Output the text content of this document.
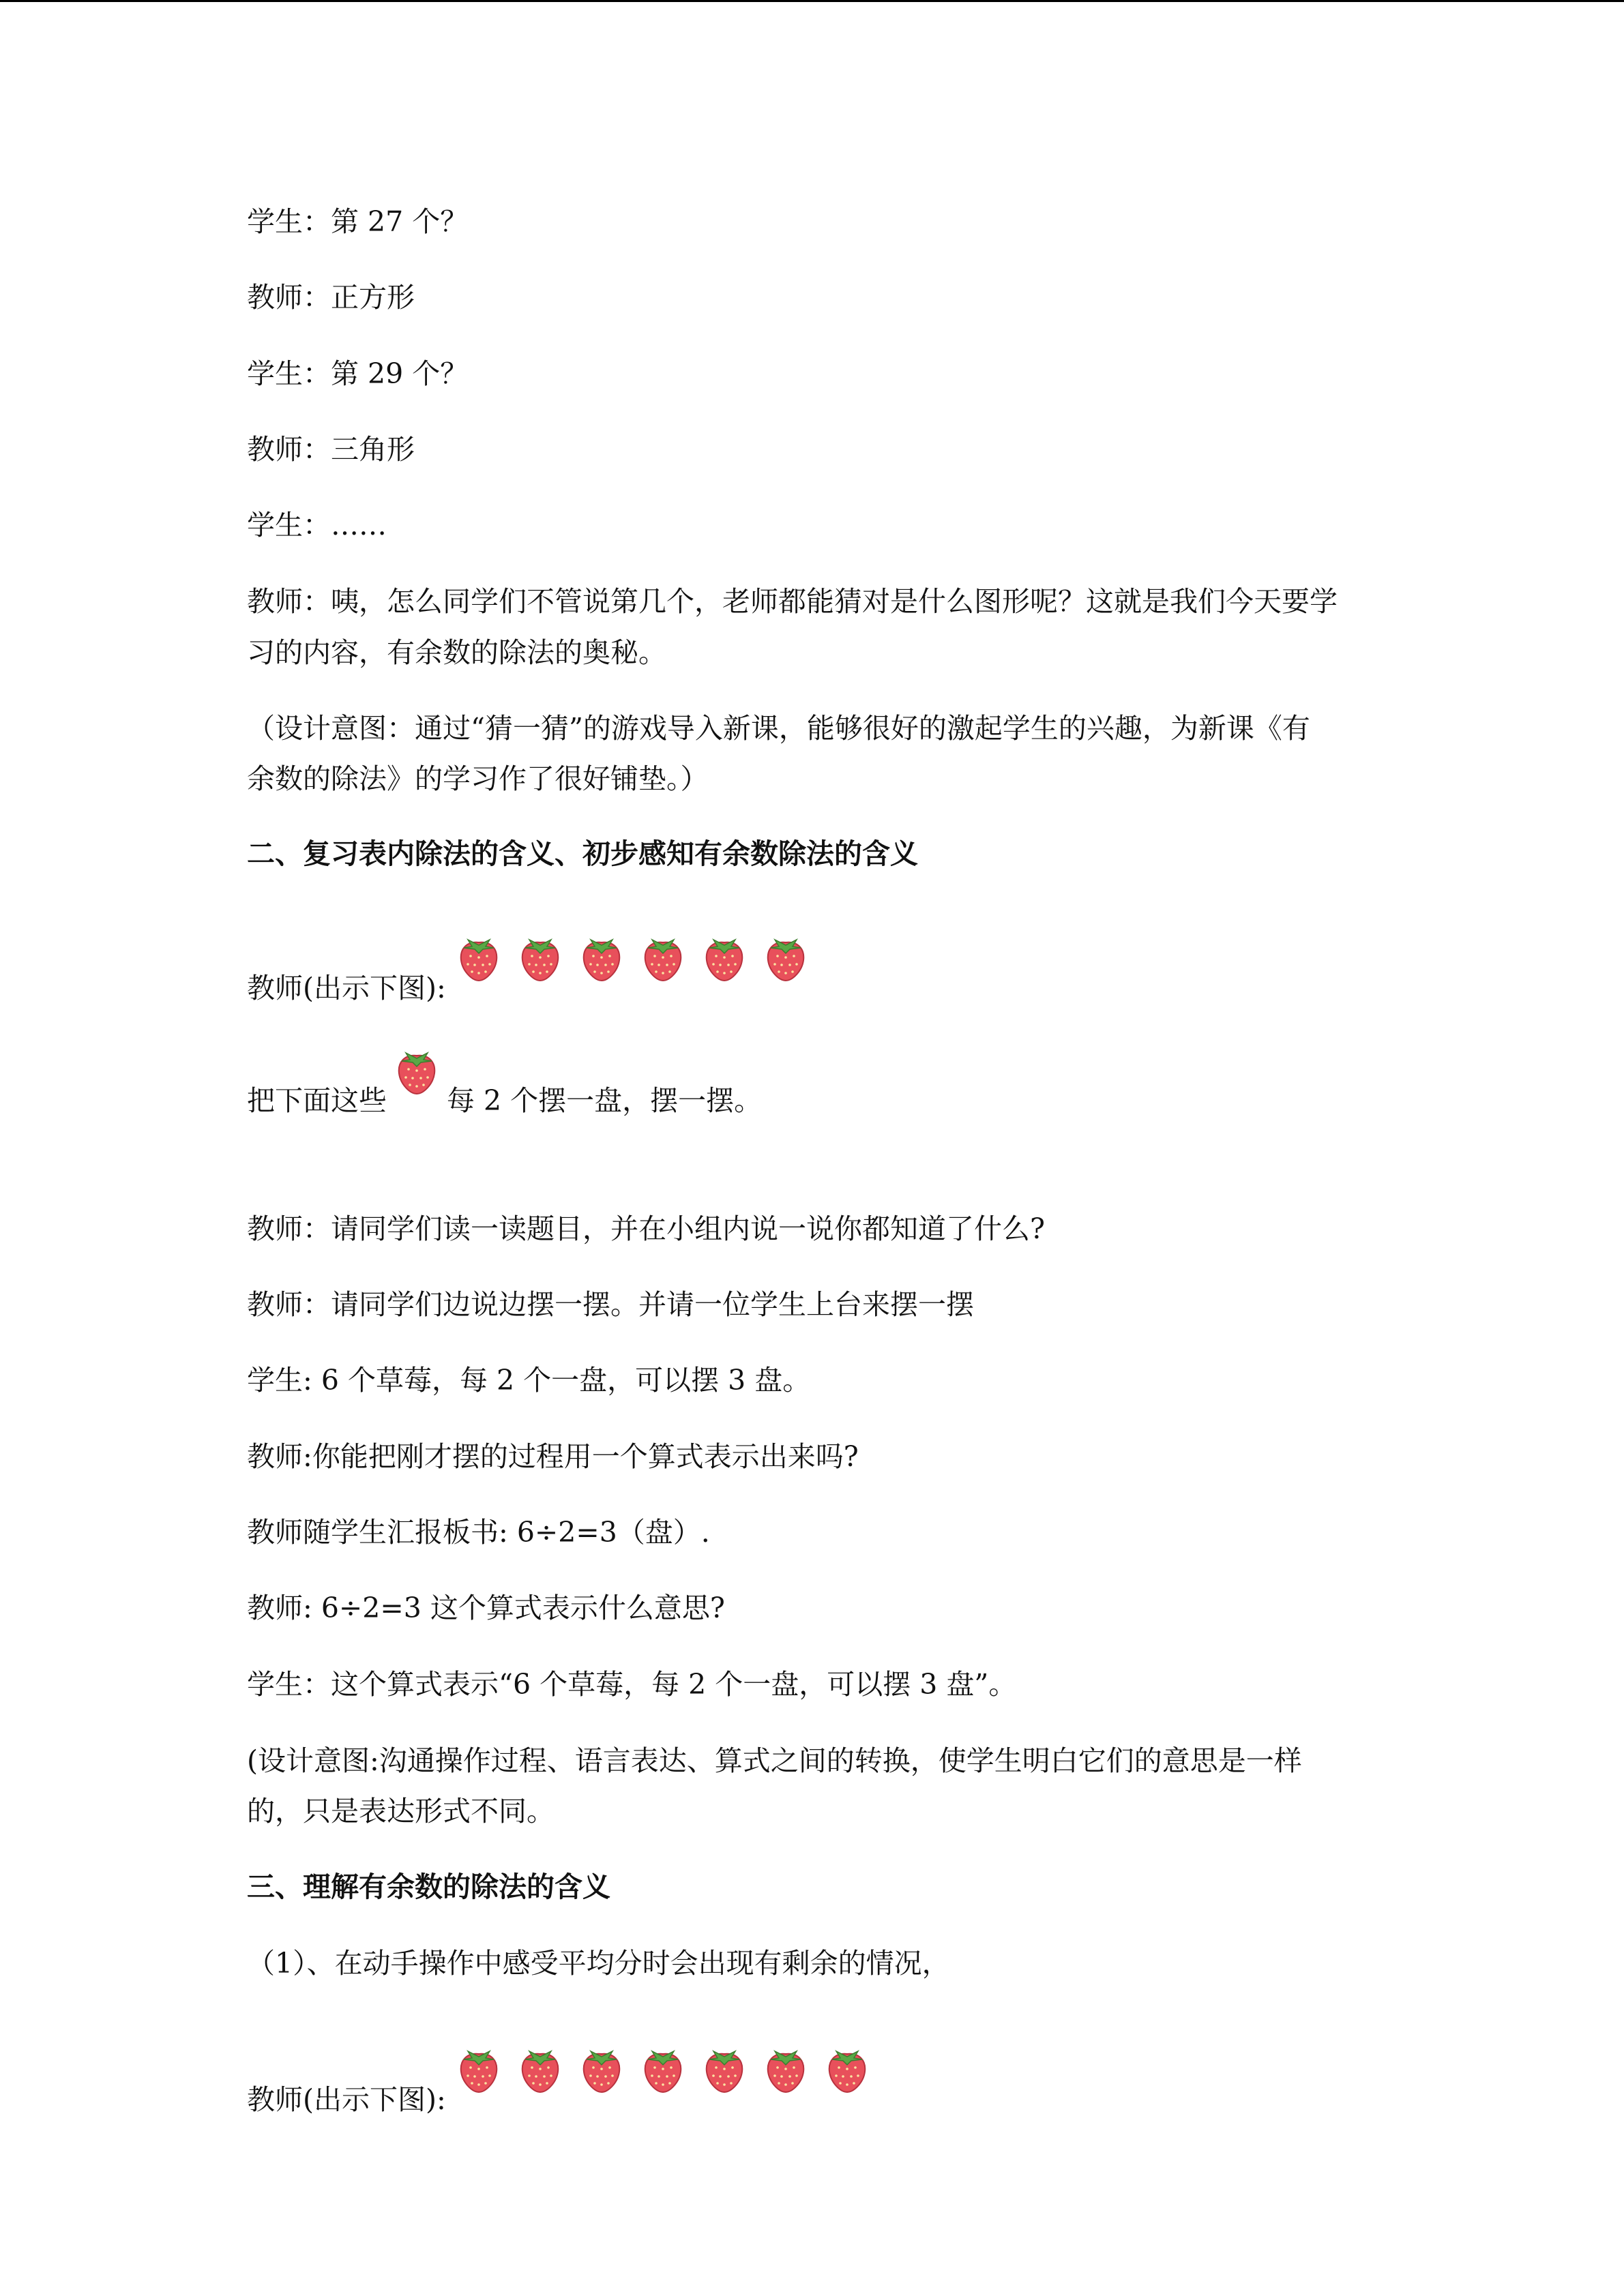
学生：第 27 个？
教师：正方形
学生：第 29 个？
教师：三角形
学生：……
教师：咦，怎么同学们不管说第几个，老师都能猜对是什么图形呢？这就是我们今天要学
习的内容，有余数的除法的奥秘。
（设计意图：通过“猜一猜”的游戏导入新课，能够很好的激起学生的兴趣，为新课《有
余数的除法》的学习作了很好铺垫。）
二、复习表内除法的含义、初步感知有余数除法的含义
教师(出示下图):
把下面这些 每 2 个摆一盘，摆一摆。
教师：请同学们读一读题目，并在小组内说一说你都知道了什么?
教师：请同学们边说边摆一摆。并请一位学生上台来摆一摆
学生: 6 个草莓，每 2 个一盘，可以摆 3 盘。
教师:你能把刚才摆的过程用一个算式表示出来吗?
教师随学生汇报板书: 6÷2=3（盘）.
教师: 6÷2=3 这个算式表示什么意思?
学生：这个算式表示“6 个草莓，每 2 个一盘，可以摆 3 盘”。
(设计意图:沟通操作过程、语言表达、算式之间的转换，使学生明白它们的意思是一样
的，只是表达形式不同。
三、理解有余数的除法的含义
（1）、在动手操作中感受平均分时会出现有剩余的情况，
教师(出示下图):
